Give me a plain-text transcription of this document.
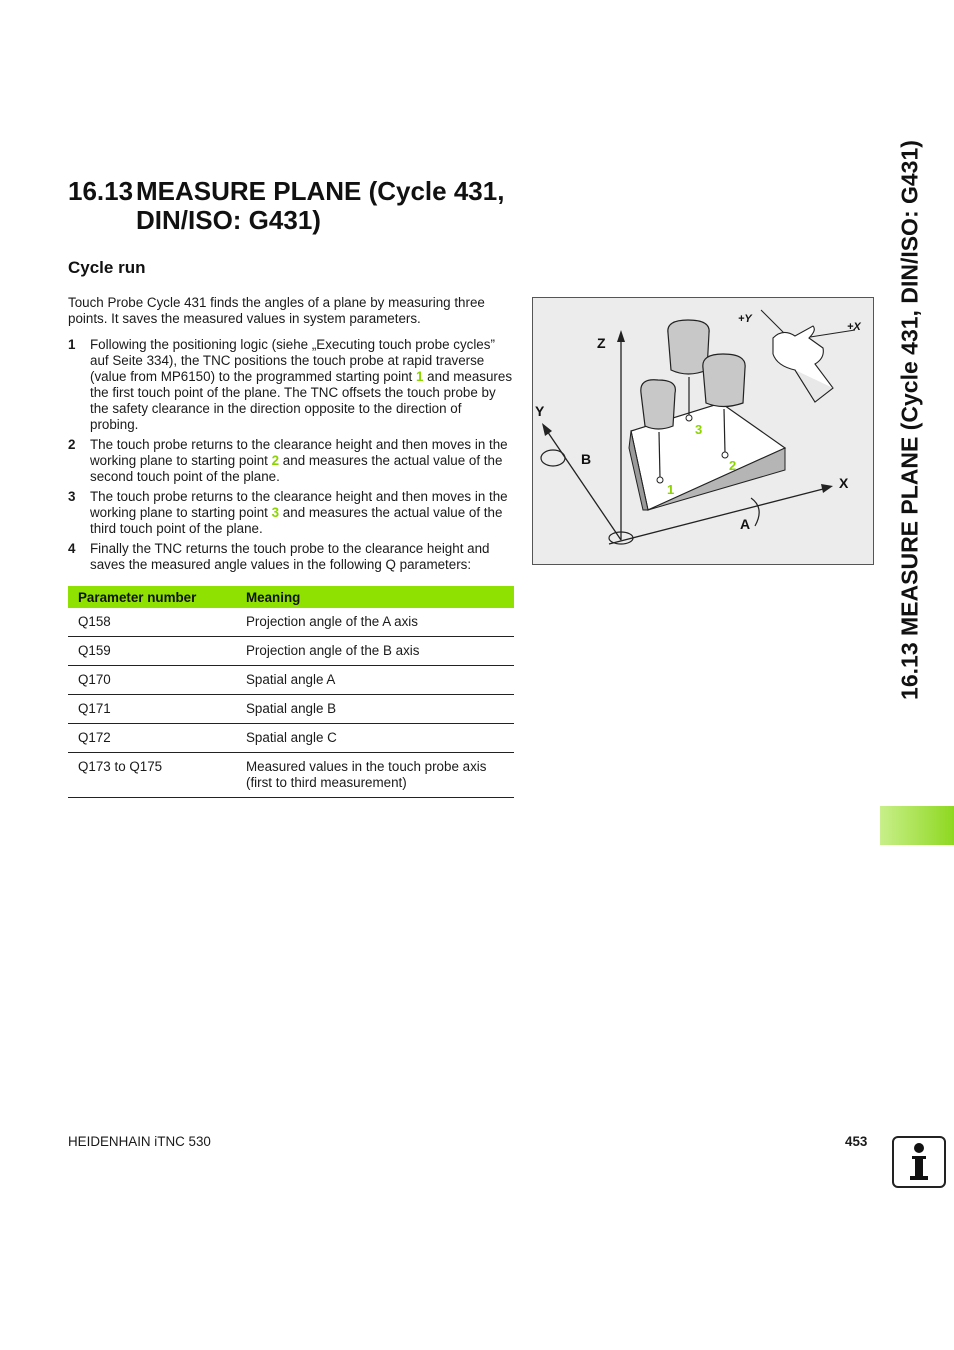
16.13 MEASURE PLANE (Cycle 431,
DIN/ISO: G431)
Cycle run
Touch Probe Cycle 431 finds the angles of a plane by measuring three points. It saves the measured values in system parameters.
1 Following the positioning logic (siehe „Executing touch probe cycles” auf Seite 334), the TNC positions the touch probe at rapid traverse (value from MP6150) to the programmed starting point 1 and measures the first touch point of the plane. The TNC offsets the touch probe by the safety clearance in the direction opposite to the direction of probing.
2 The touch probe returns to the clearance height and then moves in the working plane to starting point 2 and measures the actual value of the second touch point of the plane.
3 The touch probe returns to the clearance height and then moves in the working plane to starting point 3 and measures the actual value of the third touch point of the plane.
4 Finally the TNC returns the touch probe to the clearance height and saves the measured angle values in the following Q parameters:
Parameter number	Meaning
Q158	Projection angle of the A axis
Q159	Projection angle of the B axis
Q170	Spatial angle A
Q171	Spatial angle B
Q172	Spatial angle C
Q173 to Q175	Measured values in the touch probe axis (first to third measurement)
Z
Y
X
B
A
+Y
+X
1
2
3	16.13 MEASURE PLANE (Cycle 431, DIN/ISO: G431)
HEIDENHAIN iTNC 530	453
